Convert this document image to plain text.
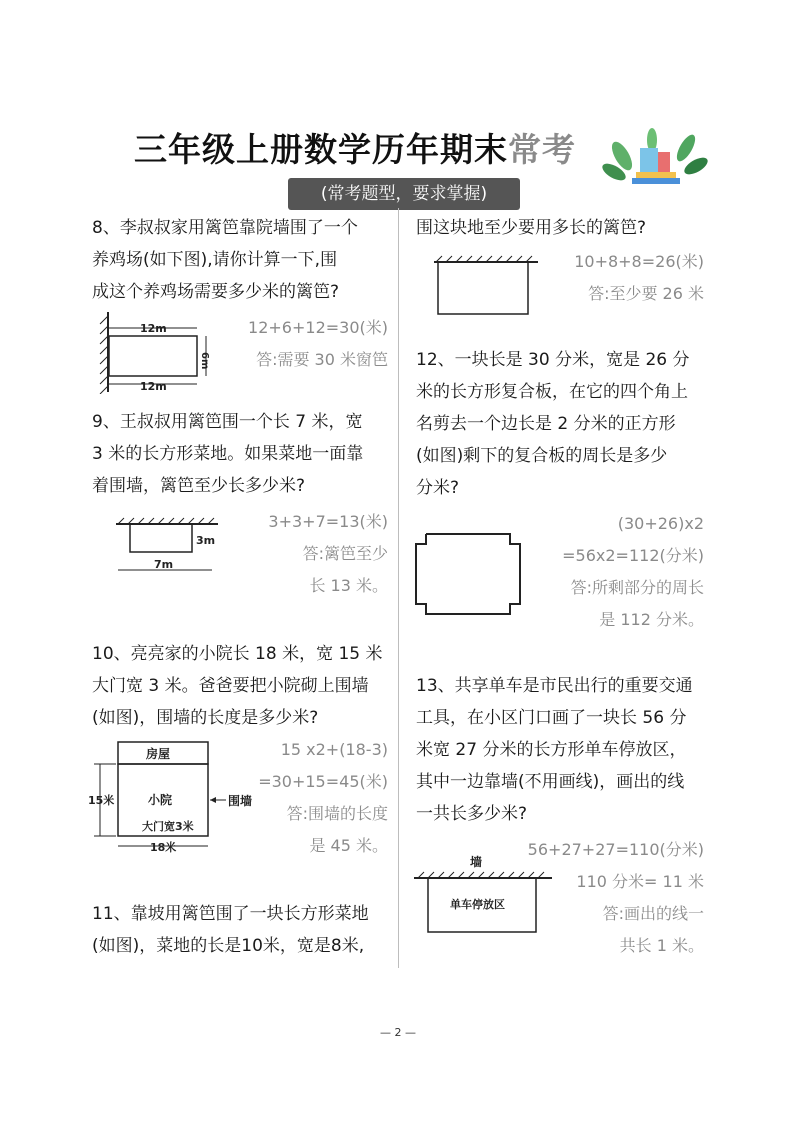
三年级上册数学历年期末常考
(常考题型，要求掌握)
8、李叔叔家用篱笆靠院墙围了一个
养鸡场(如下图),请你计算一下,围
成这个养鸡场需要多少米的篱笆?
12m
6m
12m
12+6+12=30(米)
答:需要 30 米窗笆
9、王叔叔用篱笆围一个长 7 米，宽
3 米的长方形菜地。如果菜地一面靠
着围墙，篱笆至少长多少米?
3m
7m
3+3+7=13(米)
答:篱笆至少
长 13 米。
10、亮亮家的小院长 18 米，宽 15 米
大门宽 3 米。爸爸要把小院砌上围墙
(如图)，围墙的长度是多少米?
房屋
小院	围墙
15米
大门宽3米
18米
15 x2+(18-3)
=30+15=45(米)
答:围墙的长度
是 45 米。
11、靠坡用篱笆围了一块长方形菜地
(如图)，菜地的长是10米，宽是8米,
围这块地至少要用多长的篱笆?
10+8+8=26(米)
答:至少要 26 米
12、一块长是 30 分米，宽是 26 分
米的长方形复合板，在它的四个角上
名剪去一个边长是 2 分米的正方形
(如图)剩下的复合板的周长是多少
分米?
(30+26)x2
=56x2=112(分米)
答:所剩部分的周长
是 112 分米。
13、共享单车是市民出行的重要交通
工具，在小区门口画了一块长 56 分
米宽 27 分米的长方形单车停放区，
其中一边靠墙(不用画线)，画出的线
一共长多少米?
墙
单车停放区
56+27+27=110(分米)
110 分米= 11 米
答:画出的线一
共长 1 米。
— 2 —
